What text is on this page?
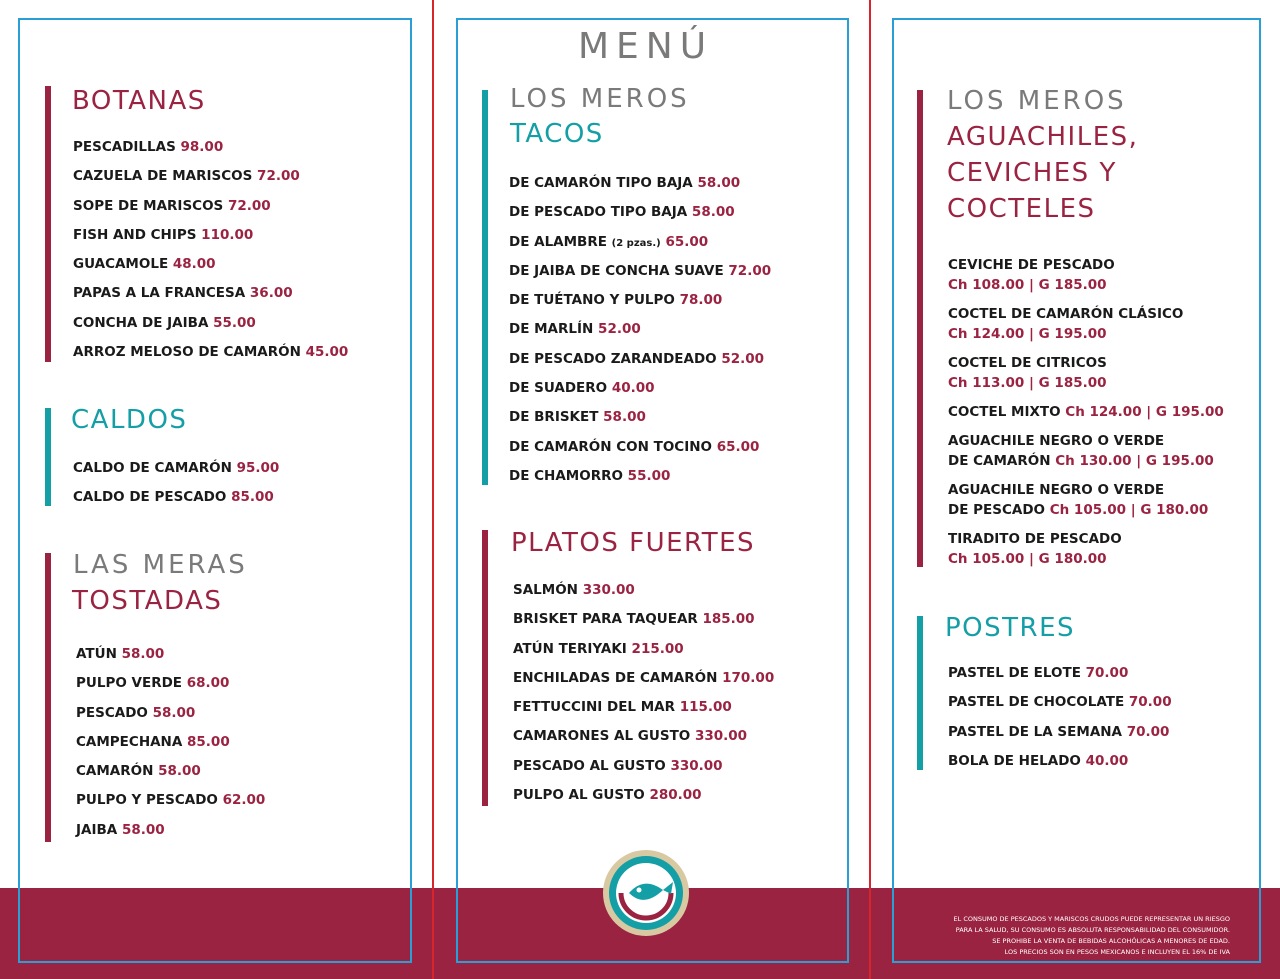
BOTANAS
PESCADILLAS 98.00
CAZUELA DE MARISCOS 72.00
SOPE DE MARISCOS 72.00
FISH AND CHIPS 110.00
GUACAMOLE 48.00
PAPAS A LA FRANCESA 36.00
CONCHA DE JAIBA 55.00
ARROZ MELOSO DE CAMARÓN 45.00
CALDOS
CALDO DE CAMARÓN 95.00
CALDO DE PESCADO 85.00
LAS MERAS
TOSTADAS
ATÚN 58.00
PULPO VERDE 68.00
PESCADO 58.00
CAMPECHANA 85.00
CAMARÓN 58.00
PULPO Y PESCADO 62.00
JAIBA 58.00
MENÚ
LOS MEROS
TACOS
DE CAMARÓN TIPO BAJA 58.00
DE PESCADO TIPO BAJA 58.00
DE ALAMBRE (2 pzas.) 65.00
DE JAIBA DE CONCHA SUAVE 72.00
DE TUÉTANO Y PULPO 78.00
DE MARLÍN 52.00
DE PESCADO ZARANDEADO 52.00
DE SUADERO 40.00
DE BRISKET 58.00
DE CAMARÓN CON TOCINO 65.00
DE CHAMORRO 55.00
PLATOS FUERTES
SALMÓN 330.00
BRISKET PARA TAQUEAR 185.00
ATÚN TERIYAKI 215.00
ENCHILADAS DE CAMARÓN 170.00
FETTUCCINI DEL MAR 115.00
CAMARONES AL GUSTO 330.00
PESCADO AL GUSTO 330.00
PULPO AL GUSTO 280.00
LOS MEROS
AGUACHILES,
CEVICHES Y
COCTELES
CEVICHE DE PESCADO
Ch 108.00 | G 185.00
COCTEL DE CAMARÓN CLÁSICO
Ch 124.00 | G 195.00
COCTEL DE CITRICOS
Ch 113.00 | G 185.00
COCTEL MIXTO Ch 124.00 | G 195.00
AGUACHILE NEGRO O VERDE
DE CAMARÓN Ch 130.00 | G 195.00
AGUACHILE NEGRO O VERDE
DE PESCADO Ch 105.00 | G 180.00
TIRADITO DE PESCADO
Ch 105.00 | G 180.00
POSTRES
PASTEL DE ELOTE 70.00
PASTEL DE CHOCOLATE 70.00
PASTEL DE LA SEMANA 70.00
BOLA DE HELADO 40.00
EL CONSUMO DE PESCADOS Y MARISCOS CRUDOS PUEDE REPRESENTAR UN RIESGO
PARA LA SALUD, SU CONSUMO ES ABSOLUTA RESPONSABILIDAD DEL CONSUMIDOR.
SE PROHIBE LA VENTA DE BEBIDAS ALCOHÓLICAS A MENORES DE EDAD.
LOS PRECIOS SON EN PESOS MEXICANOS E INCLUYEN EL 16% DE IVA
